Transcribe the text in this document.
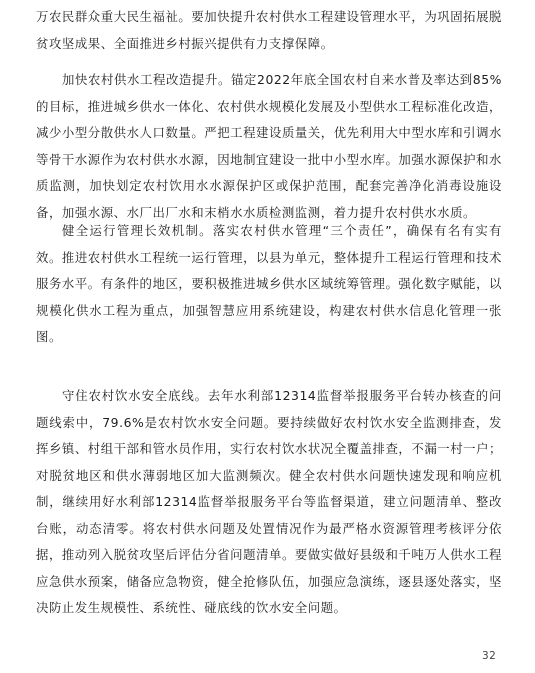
万农民群众重大民生福祉。要加快提升农村供水工程建设管理水平，为巩固拓展脱贫攻坚成果、全面推进乡村振兴提供有力支撑保障。

加快农村供水工程改造提升。锚定2022年底全国农村自来水普及率达到85%的目标，推进城乡供水一体化、农村供水规模化发展及小型供水工程标准化改造，减少小型分散供水人口数量。严把工程建设质量关，优先利用大中型水库和引调水等骨干水源作为农村供水水源，因地制宜建设一批中小型水库。加强水源保护和水质监测，加快划定农村饮用水水源保护区或保护范围，配套完善净化消毒设施设备，加强水源、水厂出厂水和末梢水水质检测监测，着力提升农村供水水质。

健全运行管理长效机制。落实农村供水管理“三个责任”，确保有名有实有效。推进农村供水工程统一运行管理，以县为单元，整体提升工程运行管理和技术服务水平。有条件的地区，要积极推进城乡供水区域统筹管理。强化数字赋能，以规模化供水工程为重点，加强智慧应用系统建设，构建农村供水信息化管理一张图。

守住农村饮水安全底线。去年水利部12314监督举报服务平台转办核查的问题线索中，79.6%是农村饮水安全问题。要持续做好农村饮水安全监测排查，发挥乡镇、村组干部和管水员作用，实行农村饮水状况全覆盖排查，不漏一村一户；对脱贫地区和供水薄弱地区加大监测频次。健全农村供水问题快速发现和响应机制，继续用好水利部12314监督举报服务平台等监督渠道，建立问题清单、整改台账，动态清零。将农村供水问题及处置情况作为最严格水资源管理考核评分依据，推动列入脱贫攻坚后评估分省问题清单。要做实做好县级和千吨万人供水工程应急供水预案，储备应急物资，健全抢修队伍，加强应急演练，逐县逐处落实，坚决防止发生规模性、系统性、碰底线的饮水安全问题。

32
